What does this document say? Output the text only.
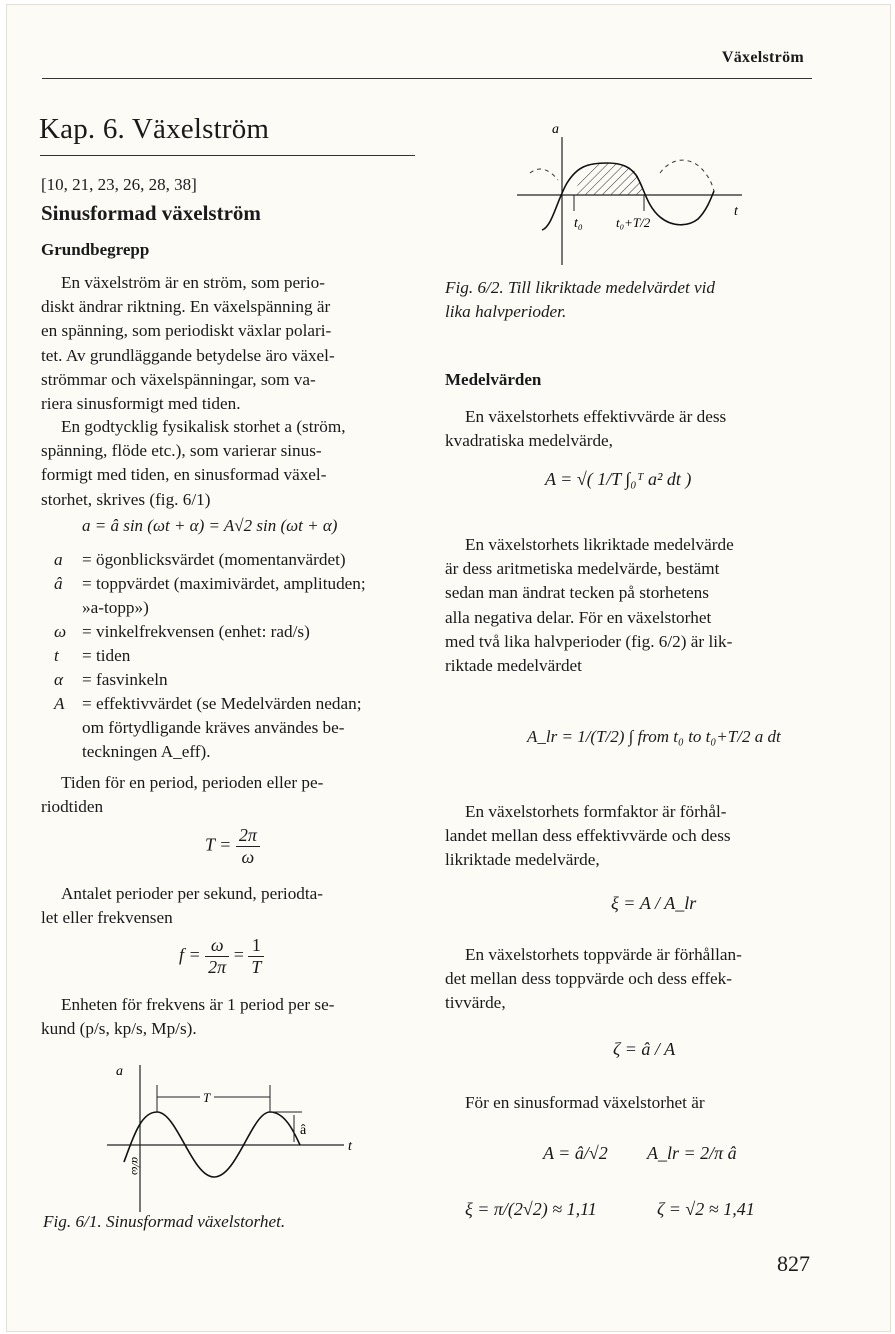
Växelström
Kap. 6. Växelström
[10, 21, 23, 26, 28, 38]
Sinusformad växelström
Grundbegrepp

En växelström är en ström, som perio-

diskt ändrar riktning. En växelspänning är

en spänning, som periodiskt växlar polari-

tet. Av grundläggande betydelse äro växel-

strömmar och växelspänningar, som va-

riera sinusformigt med tiden.

En godtycklig fysikalisk storhet a (ström,

spänning, flöde etc.), som varierar sinus-

formigt med tiden, en sinusformad växel-

storhet, skrives (fig. 6/1)

a = â sin (ωt + α) = A√2 sin (ωt + α)
a = ögonblicksvärdet (momentanvärdet)
â = toppvärdet (maximivärdet, amplituden;
»a-topp»)
ω = vinkelfrekvensen (enhet: rad/s)
t = tiden
α = fasvinkeln
A = effektivvärdet (se Medelvärden nedan;
om förtydligande kräves användes be-
teckningen A_eff).

Tiden för en period, perioden eller pe-

riodtiden

$T = \frac{2\pi}{\omega}$

Antalet perioder per sekund, periodta-

let eller frekvensen

$f = \frac{\omega}{2\pi} = \frac{1}{T}$

Enheten för frekvens är 1 period per se-

kund (p/s, kp/s, Mp/s).

a
T
â
t
α/ω
Fig. 6/1. Sinusformad växelstorhet.
a
t₀	t₀+T/2
t
Fig. 6/2. Till likriktade medelvärdet vid
lika halvperioder.
Medelvärden

En växelstorhets effektivvärde är dess

kvadratiska medelvärde,

A = √( 1/T ∫₀ᵀ a² dt )

En växelstorhets likriktade medelvärde

är dess aritmetiska medelvärde, bestämt

sedan man ändrat tecken på storhetens

alla negativa delar. För en växelstorhet

med två lika halvperioder (fig. 6/2) är lik-

riktade medelvärdet

A_lr = 1/(T/2) ∫ from t₀ to t₀+T/2 a dt

En växelstorhets formfaktor är förhål-

landet mellan dess effektivvärde och dess

likriktade medelvärde,

ξ = A / A_lr

En växelstorhets toppvärde är förhållan-

det mellan dess toppvärde och dess effek-

tivvärde,

ζ = â / A
För en sinusformad växelstorhet är
A = â/√2 A_lr = 2/π â
ξ = π/(2√2) ≈ 1,11	ζ = √2 ≈ 1,41
827
